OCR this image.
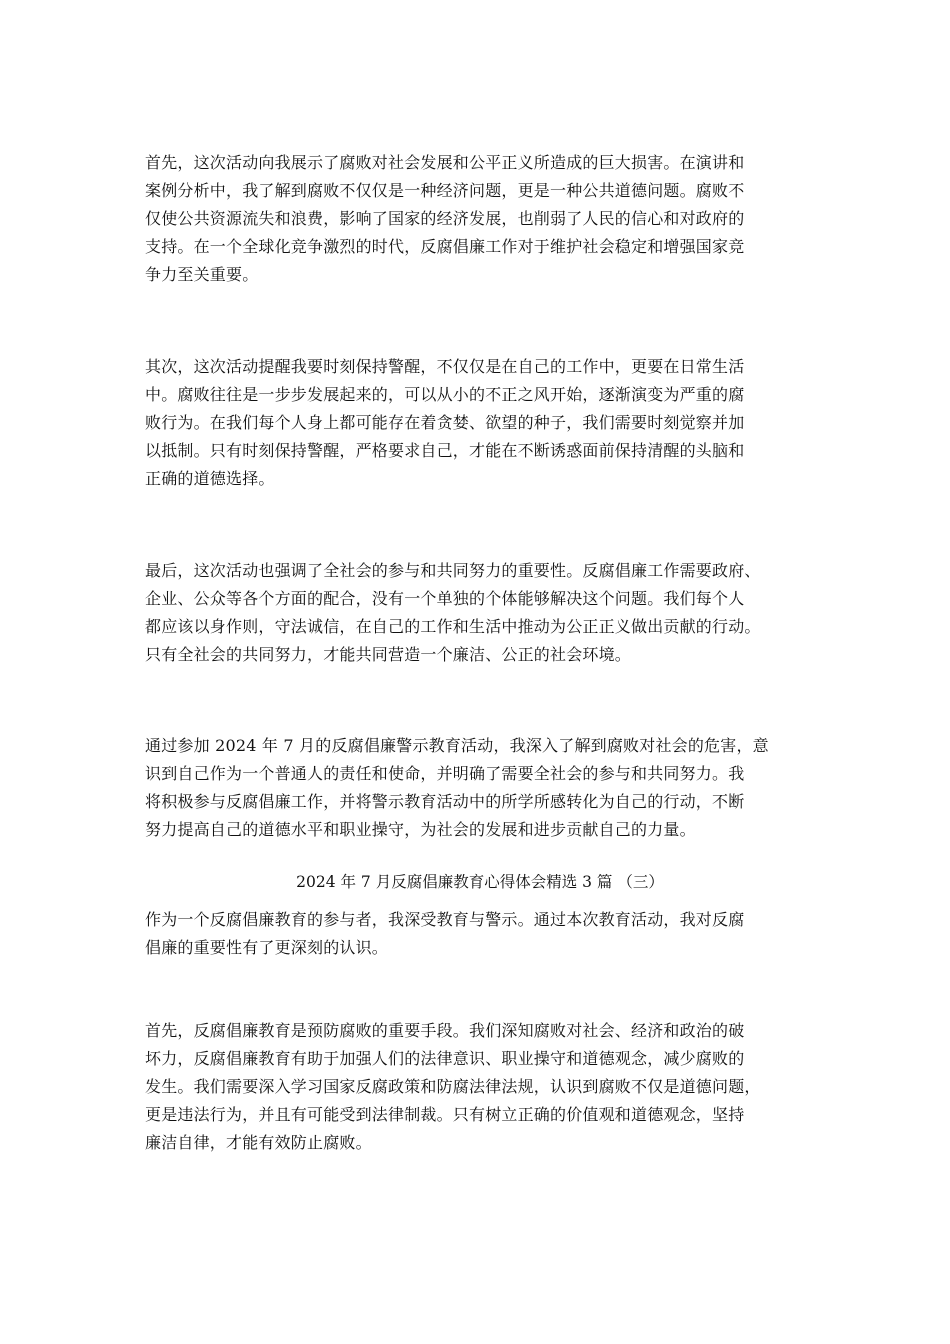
首先，这次活动向我展示了腐败对社会发展和公平正义所造成的巨大损害。在演讲和
案例分析中，我了解到腐败不仅仅是一种经济问题，更是一种公共道德问题。腐败不
仅使公共资源流失和浪费，影响了国家的经济发展，也削弱了人民的信心和对政府的
支持。在一个全球化竞争激烈的时代，反腐倡廉工作对于维护社会稳定和增强国家竞
争力至关重要。
其次，这次活动提醒我要时刻保持警醒，不仅仅是在自己的工作中，更要在日常生活
中。腐败往往是一步步发展起来的，可以从小的不正之风开始，逐渐演变为严重的腐
败行为。在我们每个人身上都可能存在着贪婪、欲望的种子，我们需要时刻觉察并加
以抵制。只有时刻保持警醒，严格要求自己，才能在不断诱惑面前保持清醒的头脑和
正确的道德选择。
最后，这次活动也强调了全社会的参与和共同努力的重要性。反腐倡廉工作需要政府、
企业、公众等各个方面的配合，没有一个单独的个体能够解决这个问题。我们每个人
都应该以身作则，守法诚信，在自己的工作和生活中推动为公正正义做出贡献的行动。
只有全社会的共同努力，才能共同营造一个廉洁、公正的社会环境。
通过参加 2024 年 7 月的反腐倡廉警示教育活动，我深入了解到腐败对社会的危害，意
识到自己作为一个普通人的责任和使命，并明确了需要全社会的参与和共同努力。我
将积极参与反腐倡廉工作，并将警示教育活动中的所学所感转化为自己的行动，不断
努力提高自己的道德水平和职业操守，为社会的发展和进步贡献自己的力量。
2024 年 7 月反腐倡廉教育心得体会精选 3 篇 （三）
作为一个反腐倡廉教育的参与者，我深受教育与警示。通过本次教育活动，我对反腐
倡廉的重要性有了更深刻的认识。
首先，反腐倡廉教育是预防腐败的重要手段。我们深知腐败对社会、经济和政治的破
坏力，反腐倡廉教育有助于加强人们的法律意识、职业操守和道德观念，减少腐败的
发生。我们需要深入学习国家反腐政策和防腐法律法规，认识到腐败不仅是道德问题，
更是违法行为，并且有可能受到法律制裁。只有树立正确的价值观和道德观念，坚持
廉洁自律，才能有效防止腐败。
